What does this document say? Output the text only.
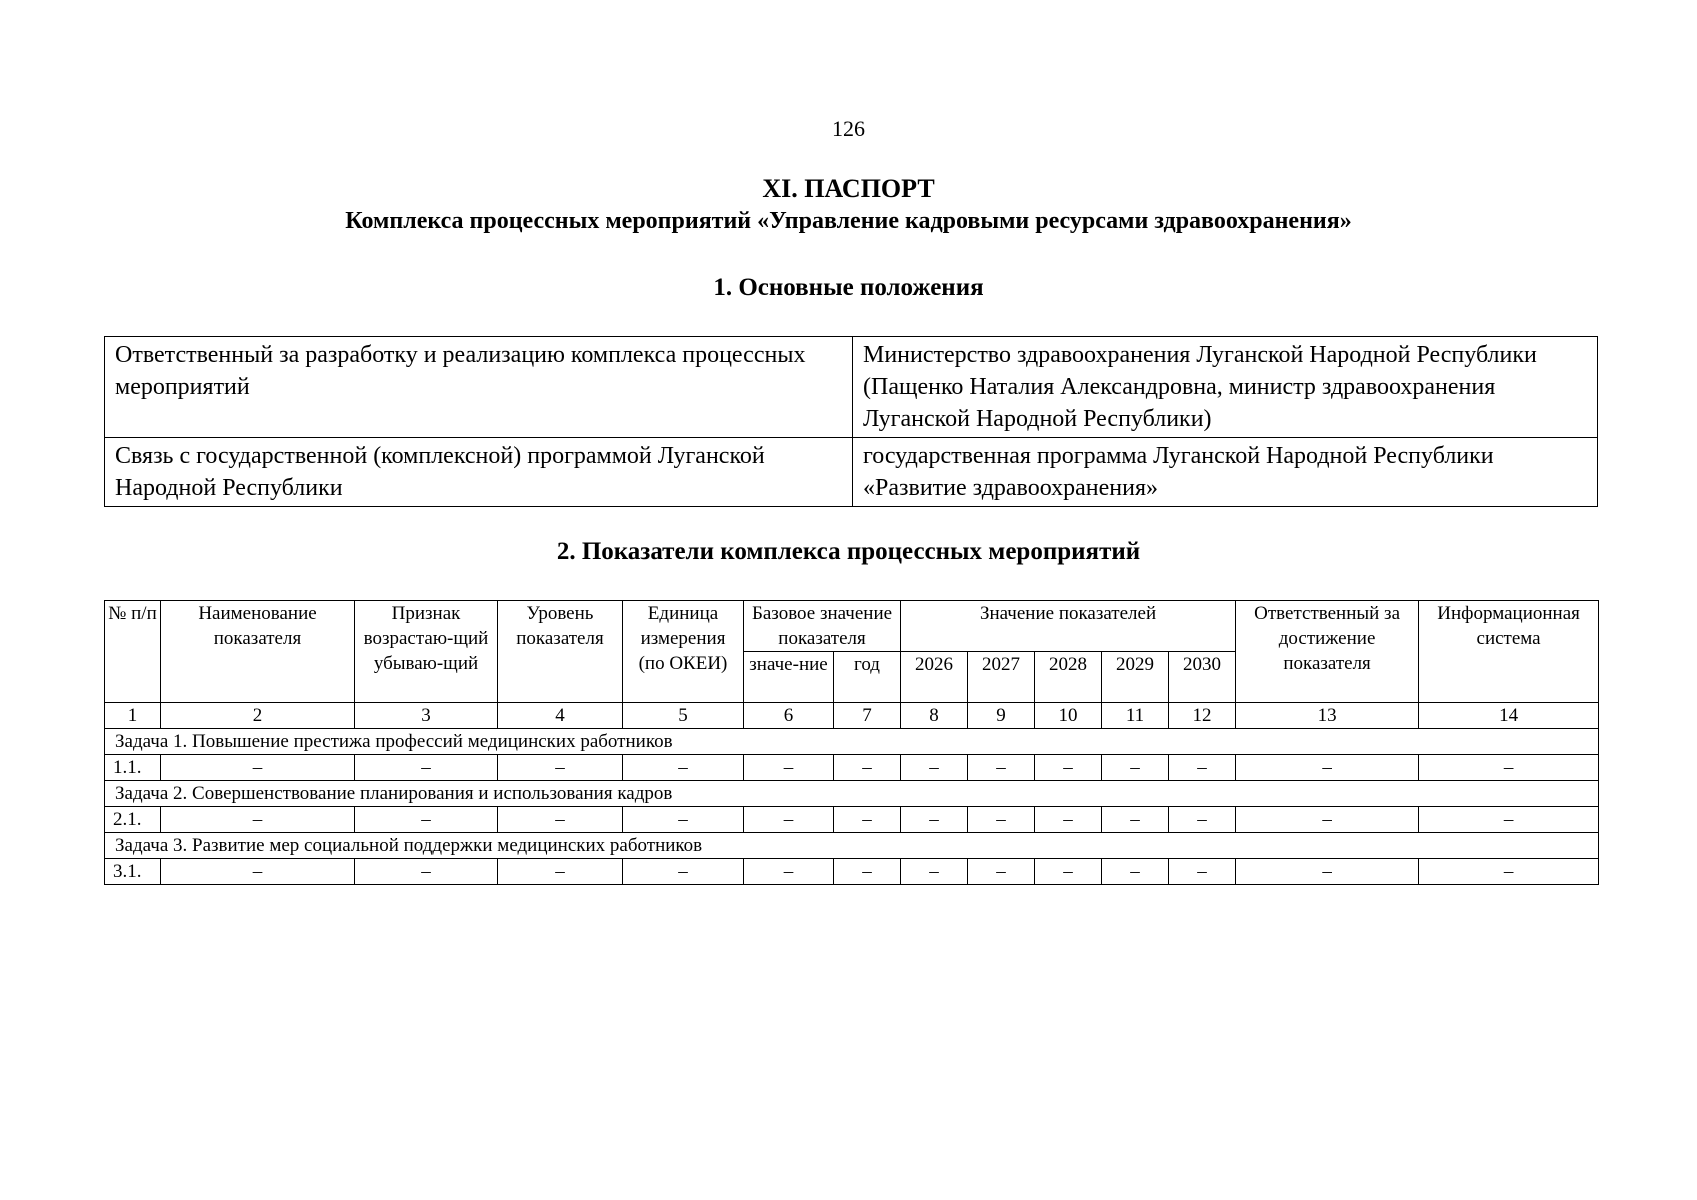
126
XI. ПАСПОРТ
Комплекса процессных мероприятий «Управление кадровыми ресурсами здравоохранения»
1. Основные положения
Ответственный за разработку и реализацию комплекса процессных мероприятий	Министерство здравоохранения Луганской Народной Республики (Пащенко Наталия Александровна, министр здравоохранения Луганской Народной Республики)
Связь с государственной (комплексной) программой Луганской Народной Республики	государственная программа Луганской Народной Республики «Развитие здравоохранения»
2. Показатели комплекса процессных мероприятий
№ п/п	Наименование показателя	Признак возрастаю-щий убываю-щий	Уровень показателя	Единица измерения (по ОКЕИ)	Базовое значение показателя		Значение показателей					Ответственный за достижение показателя	Информационная система
					значе-ние	год	2026	2027	2028	2029	2030		
1	2	3	4	5	6	7	8	9	10	11	12	13	14
Задача 1. Повышение престижа профессий медицинских работников													
1.1.	–	–	–	–	–	–	–	–	–	–	–	–	–
Задача 2. Совершенствование планирования и использования кадров													
2.1.	–	–	–	–	–	–	–	–	–	–	–	–	–
Задача 3. Развитие мер социальной поддержки медицинских работников													
3.1.	–	–	–	–	–	–	–	–	–	–	–	–	–
